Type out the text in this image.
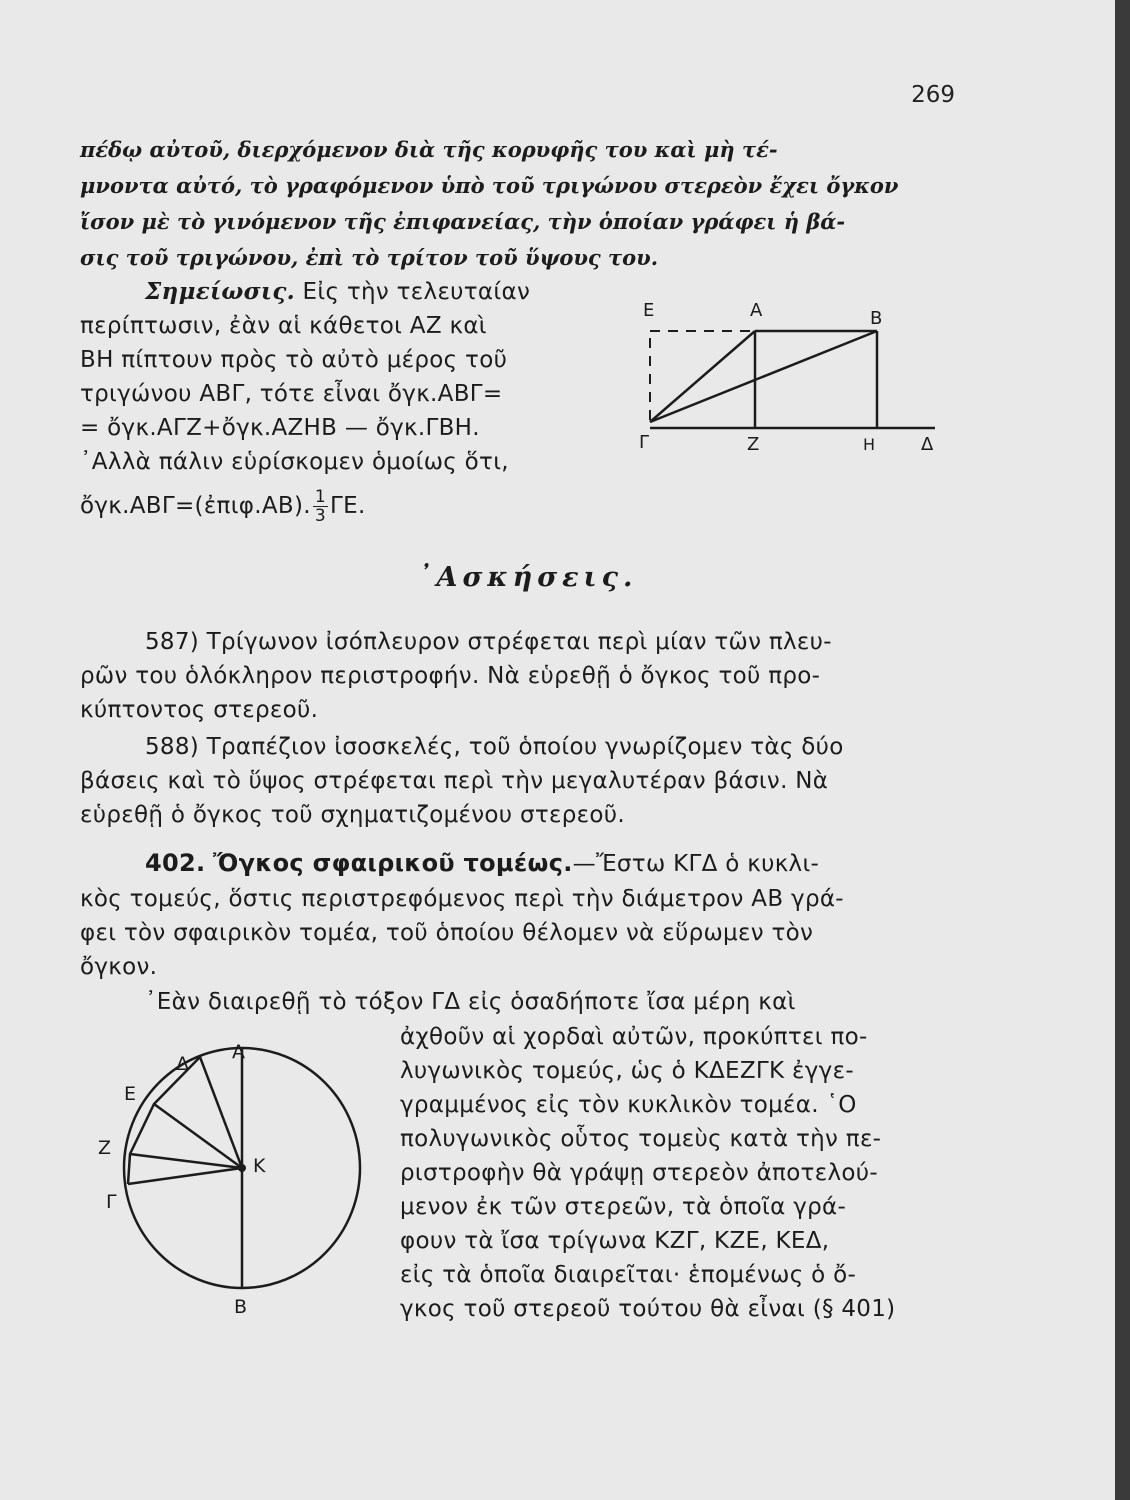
269
πέδῳ αὐτοῦ, διερχόμενον διὰ τῆς κορυφῆς του καὶ μὴ τέ-
μνοντα αὐτό, τὸ γραφόμενον ὑπὸ τοῦ τριγώνου στερεὸν ἔχει ὄγκον
ἴσον μὲ τὸ γινόμενον τῆς ἐπιφανείας, τὴν ὁποίαν γράφει ἡ βά-
σις τοῦ τριγώνου, ἐπὶ τὸ τρίτον τοῦ ὕψους του.
Σημείωσις. Εἰς τὴν τελευταίαν
περίπτωσιν, ἐὰν αἱ κάθετοι ΑΖ καὶ
ΒΗ πίπτουν πρὸς τὸ αὐτὸ μέρος τοῦ
τριγώνου ΑΒΓ, τότε εἶναι ὄγκ.ΑΒΓ=
= ὄγκ.ΑΓΖ+ὄγκ.ΑΖΗΒ — ὄγκ.ΓΒΗ.
᾿Αλλὰ πάλιν εὑρίσκομεν ὁμοίως ὅτι,
ὄγκ.ΑΒΓ=(ἐπιφ.ΑΒ). $\frac{1}{3} \Gamma E$.
Ε	Α	Β
Γ	Ζ	Η	Δ
᾿Ασκήσεις.
587) Τρίγωνον ἰσόπλευρον στρέφεται περὶ μίαν τῶν πλευ-
ρῶν του ὁλόκληρον περιστροφήν. Νὰ εὑρεθῇ ὁ ὄγκος τοῦ προ-
κύπτοντος στερεοῦ.
588) Τραπέζιον ἰσοσκελές, τοῦ ὁποίου γνωρίζομεν τὰς δύο
βάσεις καὶ τὸ ὕψος στρέφεται περὶ τὴν μεγαλυτέραν βάσιν. Νὰ
εὑρεθῇ ὁ ὄγκος τοῦ σχηματιζομένου στερεοῦ.
402. Ὄγκος σφαιρικοῦ τομέως.—Ἔστω ΚΓΔ ὁ κυκλι-
κὸς τομεύς, ὅστις περιστρεφόμενος περὶ τὴν διάμετρον ΑΒ γρά-
φει τὸν σφαιρικὸν τομέα, τοῦ ὁποίου θέλομεν νὰ εὕρωμεν τὸν
ὄγκον.
᾿Εὰν διαιρεθῇ τὸ τόξον ΓΔ εἰς ὁσαδήποτε ἴσα μέρη καὶ
ἀχθοῦν αἱ χορδαὶ αὐτῶν, προκύπτει πο-
λυγωνικὸς τομεύς, ὡς ὁ ΚΔΕΖΓΚ ἐγγε-
γραμμένος εἰς τὸν κυκλικὸν τομέα. ῾Ο
πολυγωνικὸς οὗτος τομεὺς κατὰ τὴν πε-
ριστροφὴν θὰ γράψῃ στερεὸν ἀποτελού-
μενον ἐκ τῶν στερεῶν, τὰ ὁποῖα γρά-
φουν τὰ ἴσα τρίγωνα ΚΖΓ, ΚΖΕ, ΚΕΔ,
εἰς τὰ ὁποῖα διαιρεῖται· ἑπομένως ὁ ὄ-
γκος τοῦ στερεοῦ τούτου θὰ εἶναι (§ 401)
Δ
Α
Ε
Ζ
Κ
Γ
Β
